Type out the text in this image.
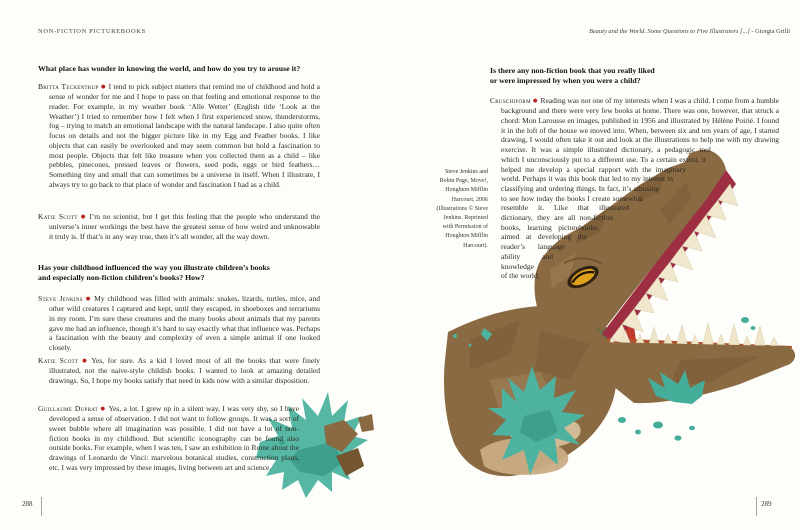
NON-FICTION PICTUREBOOKS
What place has wonder in knowing the world, and how do you try to arouse it?
Britta Teckentrup ● I tend to pick subject matters that remind me of childhood and hold a sense of wonder for me and I hope to pass on that feeling and emotional response to the reader. For example, in my weather book ‘Alle Wetter’ (English title ‘Look at the Weather’) I tried to remember how I felt when I first experienced snow, thunderstorms, fog – trying to match an emotional landscape with the natural landscape. I also quite often focus on details and not the bigger picture like in my Egg and Feather books. I like objects that can easily be overlooked and may seem common but hold a fascination to most people. Objects that felt like treasure when you collected them as a child – like pebbles, pinecones, pressed leaves or flowers, seed pods, eggs or bird feathers… Something tiny and small that can sometimes be a universe in itself. When I illustrate, I always try to go back to that place of wonder and fascination I had as a child.
Katie Scott ● I’m no scientist, but I get this feeling that the people who understand the universe’s inner workings the best have the greatest sense of how weird and unknowable it truly is. If that’s in any way true, then it’s all wonder, all the way down.
Has your childhood influenced the way you illustrate children’s books
and especially non-fiction children’s books? How?
Steve Jenkins ● My childhood was filled with animals: snakes, lizards, turtles, mice, and other wild creatures I captured and kept, until they escaped, in shoeboxes and terrariums in my room. I’m sure these creatures and the many books about animals that my parents gave me had an influence, though it’s hard to say exactly what that influence was. Perhaps a fascination with the beauty and complexity of even a simple animal if one looked closely.
Katie Scott ● Yes, for sure. As a kid I loved most of all the books that were finely illustrated, not the naive-style childish books. I wanted to look at amazing detailed drawings. So, I hope my books satisfy that need in kids now with a similar disposition.
Guillaume Duprat ● Yes, a lot. I grew up in a silent way, I was very shy, so I have developed a sense of observation. I did not want to follow groups. It was a sort of sweet bubble where all imagination was possible. I did not have a lot of non-fiction books in my childhood. But scientific iconography can be found also outside books. For example, when I was ten, I saw an exhibition in Rome about the drawings of Leonardo de Vinci: marvelous botanical studies, construction plans, etc. I was very impressed by these images, living between art and science.
288
Beauty and the World. Some Questions to Five Illustrators [...] - Giorgia Grilli
Is there any non-fiction book that you really liked
or were impressed by when you were a child?
Cruschiform ● Reading was not one of my interests when I was a child. I come from a humble background and there were very few books at home. There was one, however, that struck a chord: Mon Larousse en images, published in 1956 and illustrated by Hélène Poirié. I found it in the loft of the house we moved into. When, between six and ten years of age, I started drawing, I would often take it out and look at the illustrations to help me with my drawing exercise. It was a simple illustrated dictionary, a pedagogic tool which I unconsciously put to a different use. To a certain extent, it helped me develop a special rapport with the imaginary world. Perhaps it was this book that led to my interest in classifying and ordering things. In fact, it’s amusing to see how today the books I create somewhat resemble it. Like that illustrated dictionary, they are all non-fiction books, learning picturebooks aimed at developing the reader’s language ability and knowledge of the world.
Steve Jenkins and Robin Page, Move!, Houghton Mifflin Harcourt, 2006 (Illustrations © Steve Jenkins. Reprinted with Permission of Houghton Mifflin Harcourt).
289
